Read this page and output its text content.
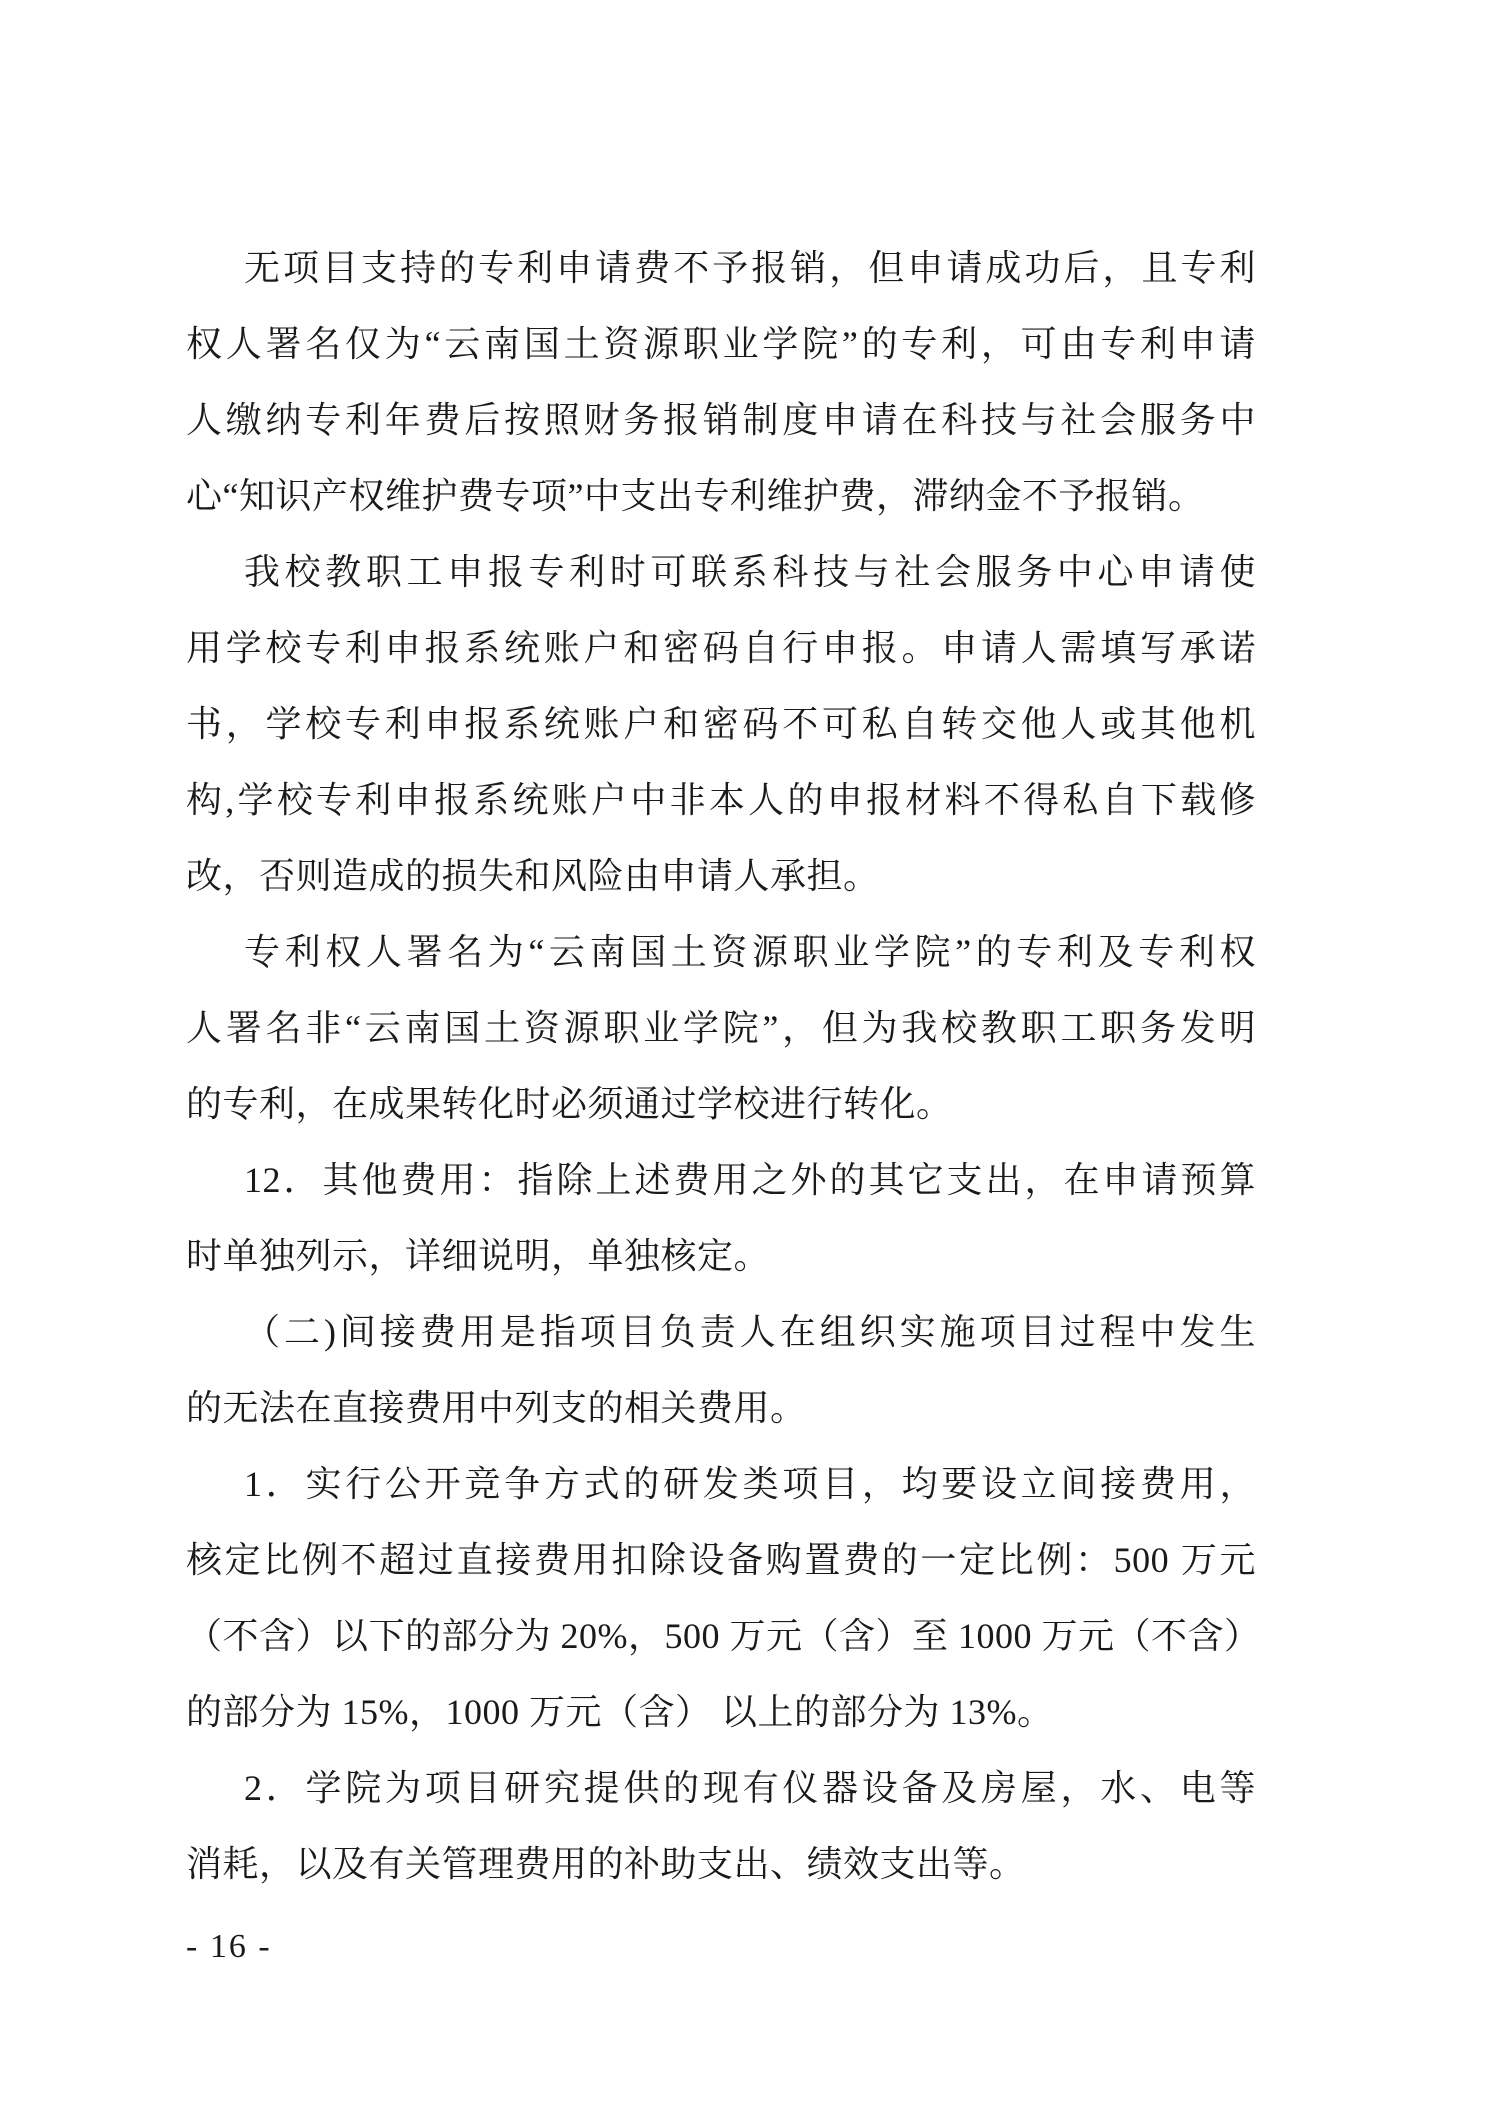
无项目支持的专利申请费不予报销，但申请成功后，且专利
权人署名仅为“云南国土资源职业学院”的专利，可由专利申请
人缴纳专利年费后按照财务报销制度申请在科技与社会服务中
心“知识产权维护费专项”中支出专利维护费，滞纳金不予报销。
我校教职工申报专利时可联系科技与社会服务中心申请使
用学校专利申报系统账户和密码自行申报。申请人需填写承诺
书，学校专利申报系统账户和密码不可私自转交他人或其他机
构,学校专利申报系统账户中非本人的申报材料不得私自下载修
改，否则造成的损失和风险由申请人承担。
专利权人署名为“云南国土资源职业学院”的专利及专利权
人署名非“云南国土资源职业学院”，但为我校教职工职务发明
的专利，在成果转化时必须通过学校进行转化。
12．其他费用：指除上述费用之外的其它支出，在申请预算
时单独列示，详细说明，单独核定。
（二)间接费用是指项目负责人在组织实施项目过程中发生
的无法在直接费用中列支的相关费用。
1．实行公开竞争方式的研发类项目，均要设立间接费用，
核定比例不超过直接费用扣除设备购置费的一定比例：500 万元
（不含）以下的部分为 20%，500 万元（含）至 1000 万元（不含）
的部分为 15%，1000 万元（含） 以上的部分为 13%。
2．学院为项目研究提供的现有仪器设备及房屋，水、电等
消耗，以及有关管理费用的补助支出、绩效支出等。
- 16 -
